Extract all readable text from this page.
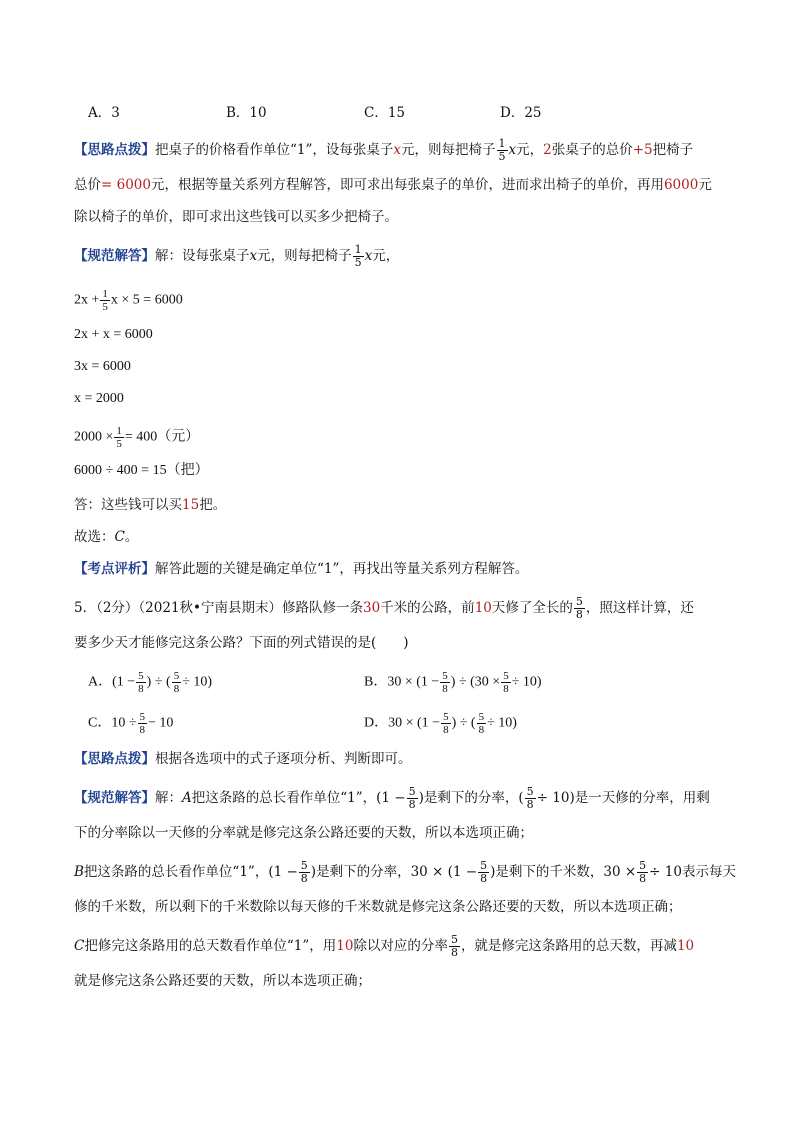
A．3	B．10	C．15	D．25
【思路点拨】把桌子的价格看作单位“1”，设每张桌子x元，则每把椅子 $\frac{1}{5}$ x元，2张桌子的总价+5把椅子
总价= 6000元，根据等量关系列方程解答，即可求出每张桌子的单价，进而求出椅子的单价，再用6000元
除以椅子的单价，即可求出这些钱可以买多少把椅子。
【规范解答】解：设每张桌子x元，则每把椅子 $\frac{1}{5}$ x元，
$2x + \frac{1}{5}$ x × 5 = 6000
2x + x = 6000
3x = 6000
x = 2000
$2000 \times \frac{1}{5} = 400$（元）
6000 ÷ 400 = 15（把）
答：这些钱可以买15把。
故选：C。
【考点评析】解答此题的关键是确定单位“1”，再找出等量关系列方程解答。
5．（2分）（2021秋•宁南县期末）修路队修一条30千米的公路，前10天修了全长的 $\frac{5}{8}$ ，照这样计算，还
要多少天才能修完这条公路？下面的列式错误的是(　　)
A．($1 - \frac{5}{8}$ ) ÷ ( $\frac{5}{8} \div 10$)	B．$30 \times (1 - \frac{5}{8}$ ) ÷ $(30 \times \frac{5}{8} \div 10)$
C．$10 \div \frac{5}{8} - 10$	D．$30 \times (1 - \frac{5}{8}$ ) ÷ ( $\frac{5}{8} \div 10$)
【思路点拨】根据各选项中的式子逐项分析、判断即可。
【规范解答】解：A把这条路的总长看作单位“1”，($1 - \frac{5}{8}$ )是剩下的分率，( $\frac{5}{8} \div 10$)是一天修的分率，用剩
下的分率除以一天修的分率就是修完这条公路还要的天数，所以本选项正确；
B把这条路的总长看作单位“1”，($1 - \frac{5}{8}$ )是剩下的分率，$30 \times (1 - \frac{5}{8}$ )是剩下的千米数，$30 \times \frac{5}{8} \div 10$表示每天
修的千米数，所以剩下的千米数除以每天修的千米数就是修完这条公路还要的天数，所以本选项正确；
C把修完这条路用的总天数看作单位“1”，用10除以对应的分率 $\frac{5}{8}$ ，就是修完这条路用的总天数，再减10
就是修完这条公路还要的天数，所以本选项正确；
